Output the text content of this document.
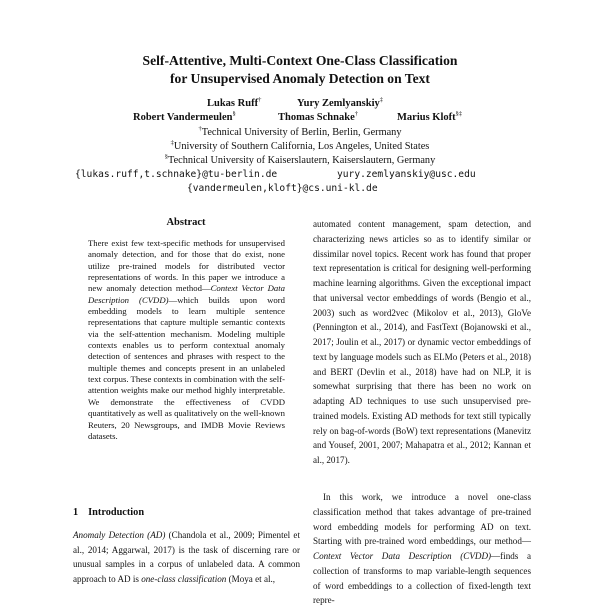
Self-Attentive, Multi-Context One-Class Classification
for Unsupervised Anomaly Detection on Text
Lukas Ruff†	Yury Zemlyanskiy‡
Robert Vandermeulen§	Thomas Schnake†	Marius Kloft§‡
†Technical University of Berlin, Berlin, Germany
‡University of Southern California, Los Angeles, United States
§Technical University of Kaiserslautern, Kaiserslautern, Germany
{lukas.ruff,t.schnake}@tu-berlin.de	yury.zemlyanskiy@usc.edu
{vandermeulen,kloft}@cs.uni-kl.de
Abstract
There exist few text-specific methods for unsupervised anomaly detection, and for those that do exist, none utilize pre-trained models for distributed vector representations of words. In this paper we introduce a new anomaly detection method—Context Vector Data Description (CVDD)—which builds upon word embedding models to learn multiple sentence representations that capture multiple semantic contexts via the self-attention mechanism. Modeling multiple contexts enables us to perform contextual anomaly detection of sentences and phrases with respect to the multiple themes and concepts present in an unlabeled text corpus. These contexts in combination with the self-attention weights make our method highly interpretable. We demonstrate the effectiveness of CVDD quantitatively as well as qualitatively on the well-known Reuters, 20 Newsgroups, and IMDB Movie Reviews datasets.
1 Introduction
Anomaly Detection (AD) (Chandola et al., 2009; Pimentel et al., 2014; Aggarwal, 2017) is the task of discerning rare or unusual samples in a corpus of unlabeled data. A common approach to AD is one-class classification (Moya et al.,

automated content management, spam detection, and characterizing news articles so as to identify similar or dissimilar novel topics. Recent work has found that proper text representation is critical for designing well-performing machine learning algorithms. Given the exceptional impact that universal vector embeddings of words (Bengio et al., 2003) such as word2vec (Mikolov et al., 2013), GloVe (Pennington et al., 2014), and FastText (Bojanowski et al., 2017; Joulin et al., 2017) or dynamic vector embeddings of text by language models such as ELMo (Peters et al., 2018) and BERT (Devlin et al., 2018) have had on NLP, it is somewhat surprising that there has been no work on adapting AD techniques to use such unsupervised pre-trained models. Existing AD methods for text still typically rely on bag-of-words (BoW) text representations (Manevitz and Yousef, 2001, 2007; Mahapatra et al., 2012; Kannan et al., 2017).

In this work, we introduce a novel one-class classification method that takes advantage of pre-trained word embedding models for performing AD on text. Starting with pre-trained word embeddings, our method—Context Vector Data Description (CVDD)—finds a collection of transforms to map variable-length sequences of word embeddings to a collection of fixed-length text repre-
